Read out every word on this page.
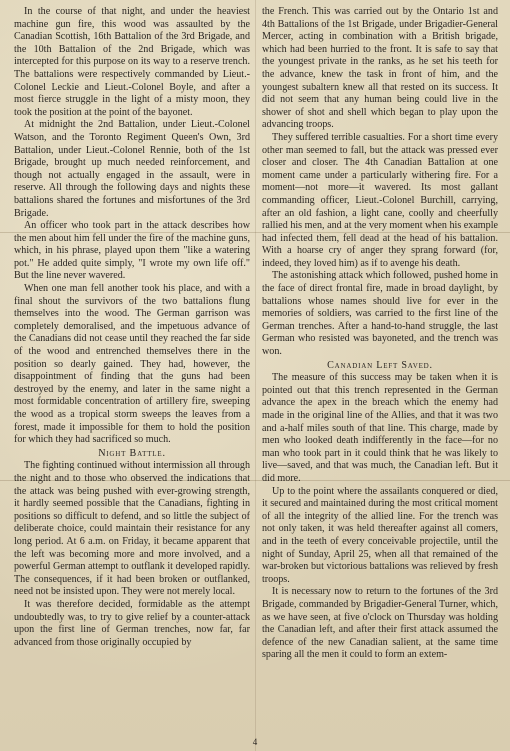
In the course of that night, and under the heaviest machine gun fire, this wood was assaulted by the Canadian Scottish, 16th Battalion of the 3rd Brigade, and the 10th Battalion of the 2nd Brigade, which was intercepted for this purpose on its way to a reserve trench. The battalions were respectively commanded by Lieut.-Colonel Leckie and Lieut.-Colonel Boyle, and after a most fierce struggle in the light of a misty moon, they took the position at the point of the bayonet.

At midnight the 2nd Battalion, under Lieut.-Colonel Watson, and the Toronto Regiment Queen's Own, 3rd Battalion, under Lieut.-Colonel Rennie, both of the 1st Brigade, brought up much needed reinforcement, and though not actually engaged in the assault, were in reserve. All through the following days and nights these battalions shared the fortunes and misfortunes of the 3rd Brigade.

An officer who took part in the attack describes how the men about him fell under the fire of the machine guns, which, in his phrase, played upon them "like a watering pot." He added quite simply, "I wrote my own life off." But the line never wavered.

When one man fell another took his place, and with a final shout the survivors of the two battalions flung themselves into the wood. The German garrison was completely demoralised, and the impetuous advance of the Canadians did not cease until they reached the far side of the wood and entrenched themselves there in the position so dearly gained. They had, however, the disappointment of finding that the guns had been destroyed by the enemy, and later in the same night a most formidable concentration of artillery fire, sweeping the wood as a tropical storm sweeps the leaves from a forest, made it impossible for them to hold the position for which they had sacrificed so much.

Night Battle.

The fighting continued without intermission all through the night and to those who observed the indications that the attack was being pushed with ever-growing strength, it hardly seemed possible that the Canadians, fighting in positions so difficult to defend, and so little the subject of deliberate choice, could maintain their resistance for any long period. At 6 a.m. on Friday, it became apparent that the left was becoming more and more involved, and a powerful German attempt to outflank it developed rapidly. The consequences, if it had been broken or outflanked, need not be insisted upon. They were not merely local.

It was therefore decided, formidable as the attempt undoubtedly was, to try to give relief by a counter-attack upon the first line of German trenches, now far, far advanced from those originally occupied by

the French. This was carried out by the Ontario 1st and 4th Battalions of the 1st Brigade, under Brigadier-General Mercer, acting in combination with a British brigade, which had been hurried to the front. It is safe to say that the youngest private in the ranks, as he set his teeth for the advance, knew the task in front of him, and the youngest subaltern knew all that rested on its success. It did not seem that any human being could live in the shower of shot and shell which began to play upon the advancing troops.

They suffered terrible casualties. For a short time every other man seemed to fall, but the attack was pressed ever closer and closer. The 4th Canadian Battalion at one moment came under a particularly withering fire. For a moment—not more—it wavered. Its most gallant commanding officer, Lieut.-Colonel Burchill, carrying, after an old fashion, a light cane, coolly and cheerfully rallied his men, and at the very moment when his example had infected them, fell dead at the head of his battalion. With a hoarse cry of anger they sprang forward (for, indeed, they loved him) as if to avenge his death.

The astonishing attack which followed, pushed home in the face of direct frontal fire, made in broad daylight, by battalions whose names should live for ever in the memories of soldiers, was carried to the first line of the German trenches. After a hand-to-hand struggle, the last German who resisted was bayoneted, and the trench was won.

Canadian Left Saved.

The measure of this success may be taken when it is pointed out that this trench represented in the German advance the apex in the breach which the enemy had made in the original line of the Allies, and that it was two and a-half miles south of that line. This charge, made by men who looked death indifferently in the face—for no man who took part in it could think that he was likely to live—saved, and that was much, the Canadian left. But it did more.

Up to the point where the assailants conquered or died, it secured and maintained during the most critical moment of all the integrity of the allied line. For the trench was not only taken, it was held thereafter against all comers, and in the teeth of every conceivable projectile, until the night of Sunday, April 25, when all that remained of the war-broken but victorious battalions was relieved by fresh troops.

It is necessary now to return to the fortunes of the 3rd Brigade, commanded by Brigadier-General Turner, which, as we have seen, at five o'clock on Thursday was holding the Canadian left, and after their first attack assumed the defence of the new Canadian salient, at the same time sparing all the men it could to form an extem-

4
